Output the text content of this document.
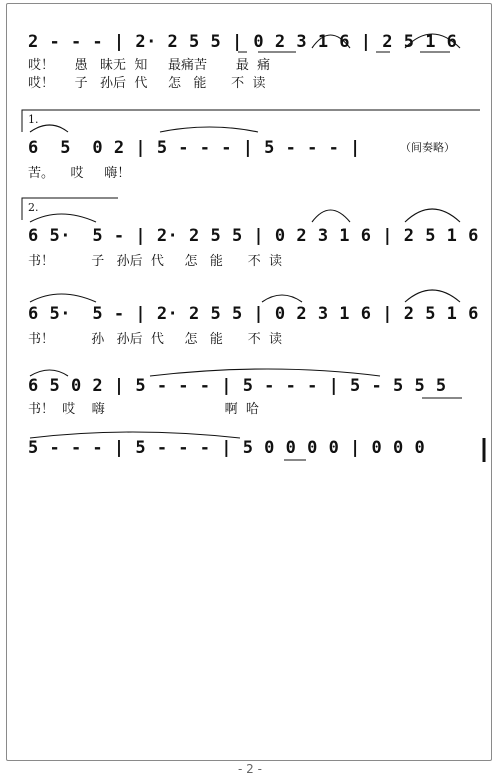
2 - - - | 2· 2 5 5 | 0 2 3 1 6 | 2 5 1 6
哎！     愚   昧无  知     最痛苦       最  痛
哎！     子   孙后  代     怎   能      不  读
1.
6  5  0 2 | 5 - - - | 5 - - - |	（间奏略）
苦。    哎     嗨！
2.
6 5·  5 - | 2· 2 5 5 | 0 2 3 1 6 | 2 5 1 6
书！         子   孙后  代     怎   能      不  读
6 5·  5 - | 2· 2 5 5 | 0 2 3 1 6 | 2 5 1 6
书！         孙   孙后  代     怎   能      不  读
6 5 0 2 | 5 - - - | 5 - - - | 5 - 5 5 5
书！  哎    嗨                             啊  哈
5 - - - | 5 - - - | 5 0 0 0 0 | 0 0 0
- 2 -
